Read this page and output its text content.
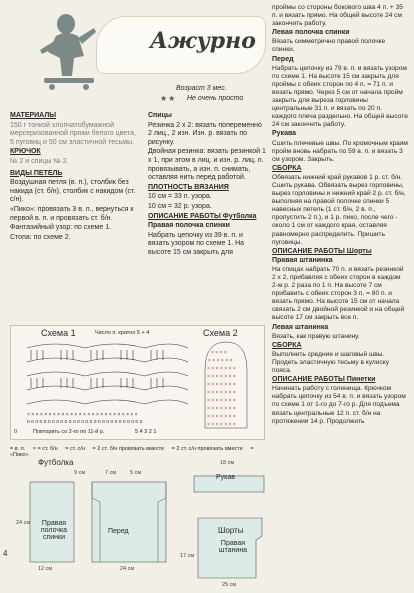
Ажурно
Возраст 3 мес.
★★ Не очень просто

МАТЕРИАЛЫ

150 г тонкой хлопчатобумажной мерсеризованной пряжи белого цвета, 5 пуговиц и 50 см эластичной тесьмы.

КРЮЧОК

№ 2 и спицы № 2.

ВИДЫ ПЕТЕЛЬ

Воздушная петля (в. п.), столбик без накида (ст. б/н), столбик с накидом (ст. с/н).

«Пико»: провязать 3 в. п., вернуться к первой в. п. и провязать ст. б/н.

Фантазийный узор: по схеме 1.

Стопа: по схеме 2.

Спицы

Резинка 2 х 2: вязать попеременно 2 лиц., 2 изн. Изн. р. вязать по рисунку.

Двойная резинка: вязать резинкой 1 х 1, при этом в лиц. и изн. р. лиц. п. провязывать, а изн. п. снимать, оставляя нить перед работой.

ПЛОТНОСТЬ ВЯЗАНИЯ

10 см = 33 п. узора.

10 см = 32 р. узора.

ОПИСАНИЕ РАБОТЫ Футболка

Правая полочка спинки

Набрать цепочку из 39 в. п. и вязать узором по схеме 1. На высоте 15 см закрыть для

проймы со стороны бокового шва 4 п. + 35 п. и вязать прямо. На общей высоте 24 см закончить работу.

Левая полочка спинки

Вязать симметрично правой полочке спинки.

Перед

Набрать цепочку из 79 в. п. и вязать узором по схеме 1. На высоте 15 см закрыть для проймы с обеих сторон по 4 п. = 71 п. и вязать прямо. Через 5 см от начала пройм закрыть для выреза горловины центральные 31 п. и вязать по 20 п. каждого плеча раздельно. На общей высоте 24 см закончить работу.

Рукава

Сшить плечевые швы. По кромочным краям пройм вновь набрать по 59 в. п. и вязать 3 см узором. Закрыть.

СБОРКА

Обвязать нижний край рукавов 1 р. ст. б/н. Сшить рукава. Обвязать вырез горловины, вырез горловины и нижний край 2 р. ст. б/н, выполняя на правой полочке спинки 5 навесных петель (1 ст. б/н, 2 в. п., пропустить 2 п.), и 1 р. пико, после чего - около 1 см от каждого края, оставляя равномерно распределить. Пришить пуговицы.

ОПИСАНИЕ РАБОТЫ Шорты

Правая штанинка

На спицах набрать 70 п. и вязать резинкой 2 х 2, прибавляя с обеих сторон в каждом 2-м р. 2 раза по 1 п. На высоте 7 см прибавить с обеих сторон 3 п. = 80 п. и вязать прямо. На высоте 15 см от начала связать 2 см двойной резинкой и на общей высоте 17 см закрыть все п.

Левая штанинка

Вязать, как правую штанину.

СБОРКА

Выполнить средние и шаговый швы. Продеть эластичную тесьму в кулиску пояса.

ОПИСАНИЕ РАБОТЫ Пинетки

Начинать работу с голенища. Крючком набрать цепочку из 54 в. п. и вязать узором по схеме 1 от 1-го до 7-го р. Для подъема вязать центральные 12 п. ст. б/н на протяжении 14 р. Продолжить

Схема 1	Число п. кратно 5 + 4	Схема 2
× × × × × × × × × × × × × × × × × × × × × × × × × ×
o o o o o o o o o o o o o o o o o o o o o o o o o o o o
× × × ×
× × × × × ×
× × × × × × ×
× × × × × × ×
× × × × × × ×
× × × × × × ×
× × × × × × ×
× × × × × × ×
× × × × × × ×
× × × × × × ×
Повторить со 2-го по 11-й р.
0	5 4 3 2 1
= в. п. × = ст. б/н = ст. с/н = 2 ст. б/н провязать вместе = 2 ст. с/н провязать вместе = «Пико»
Футболка
Правая полочка спинки
Перед
9 см	7 см	5 см
24 см
12 см	24 см
Рукав
Шорты
Правая штанина
18 см
17 см
25 см
4
